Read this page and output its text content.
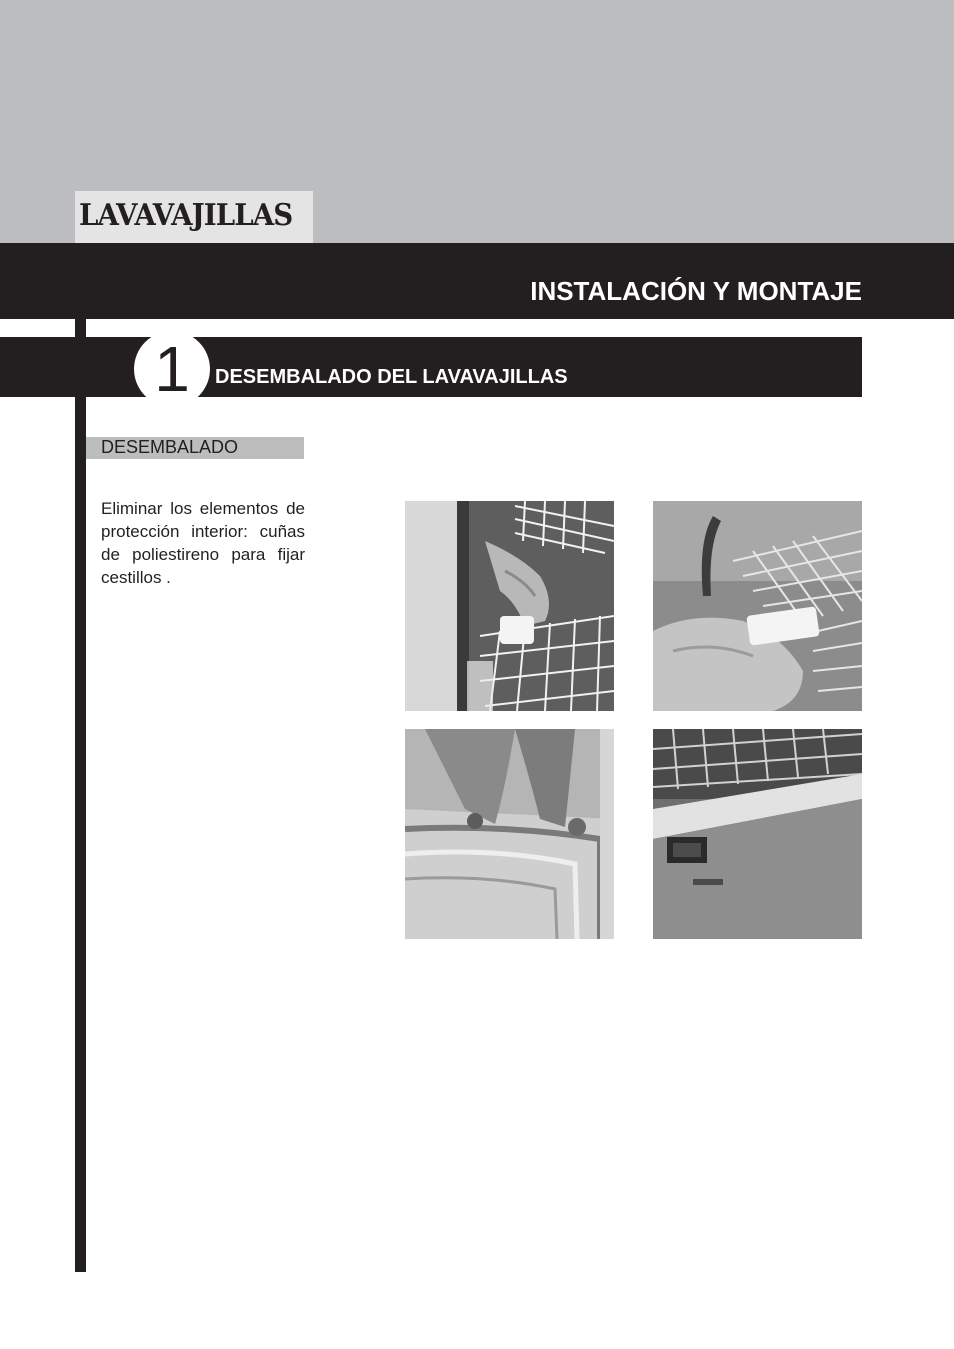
LAVAVAJILLAS
INSTALACIÓN Y MONTAJE
1	DESEMBALADO DEL LAVAVAJILLAS
DESEMBALADO

Eliminar los elementos de protección interior: cuñas de poliestireno para fijar cestillos .
